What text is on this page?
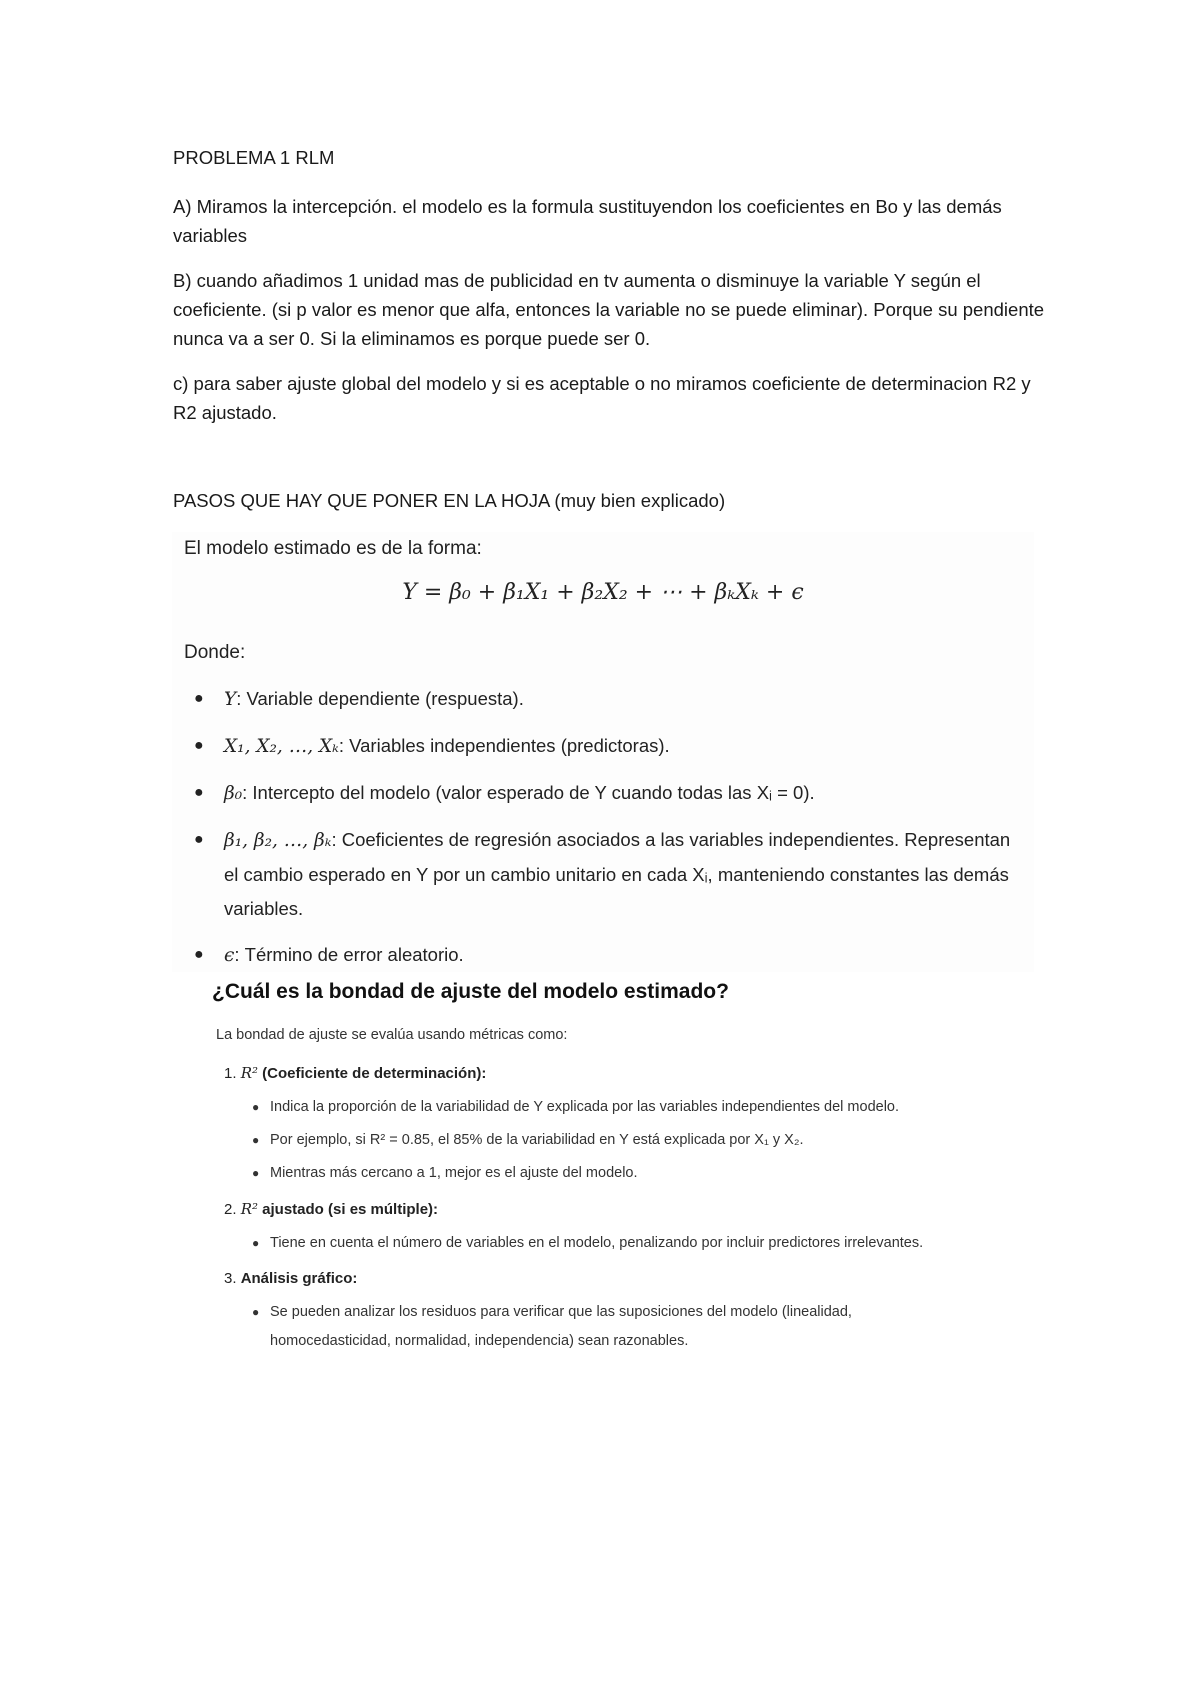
PROBLEMA 1 RLM

A) Miramos la intercepción. el modelo es la formula sustituyendon los coeficientes en Bo y las demás variables

B) cuando añadimos 1 unidad mas de publicidad en tv aumenta o disminuye la variable Y según el coeficiente. (si p valor es menor que alfa, entonces la variable no se puede eliminar). Porque su pendiente nunca va a ser 0. Si la eliminamos es porque puede ser 0.

c) para saber ajuste global del modelo y si es aceptable o no miramos coeficiente de determinacion R2 y R2 ajustado.

PASOS QUE HAY QUE PONER EN LA HOJA (muy bien explicado)
El modelo estimado es de la forma:
Y = β₀ + β₁X₁ + β₂X₂ + ⋯ + βₖXₖ + ϵ
Donde:
● Y: Variable dependiente (respuesta).
● X₁, X₂, …, Xₖ: Variables independientes (predictoras).
● β₀: Intercepto del modelo (valor esperado de Y cuando todas las Xᵢ = 0).
● β₁, β₂, …, βₖ: Coeficientes de regresión asociados a las variables independientes. Representan el cambio esperado en Y por un cambio unitario en cada Xᵢ, manteniendo constantes las demás variables.
● ϵ: Término de error aleatorio.
¿Cuál es la bondad de ajuste del modelo estimado?
La bondad de ajuste se evalúa usando métricas como:
1. R² (Coeficiente de determinación):
● Indica la proporción de la variabilidad de Y explicada por las variables independientes del modelo.
● Por ejemplo, si R² = 0.85, el 85% de la variabilidad en Y está explicada por X₁ y X₂.
● Mientras más cercano a 1, mejor es el ajuste del modelo.
2. R² ajustado (si es múltiple):
● Tiene en cuenta el número de variables en el modelo, penalizando por incluir predictores irrelevantes.
3. Análisis gráfico:
● Se pueden analizar los residuos para verificar que las suposiciones del modelo (linealidad, homocedasticidad, normalidad, independencia) sean razonables.
